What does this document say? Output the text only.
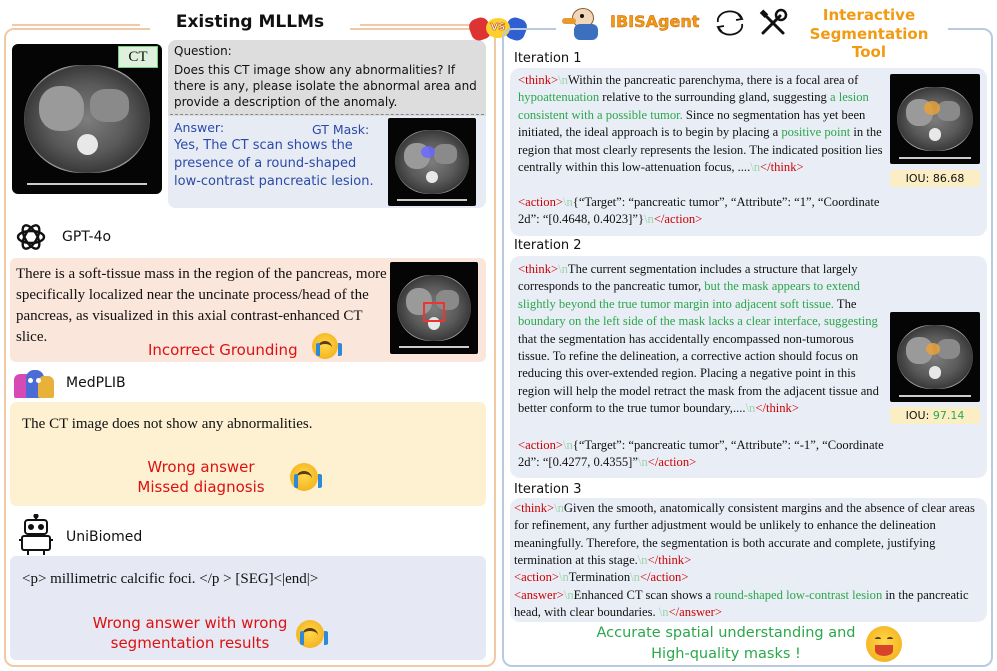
Existing MLLMs
CT	Question:
Does this CT image show any abnormalities? If there is any, please isolate the abnormal area and provide a description of the anomaly.
Answer:	GT Mask:
Yes, The CT scan shows the presence of a round-shaped low-contrast pancreatic lesion.
GPT-4o
There is a soft-tissue mass in the region of the pancreas, more specifically localized near the uncinate process/head of the pancreas, as visualized in this axial contrast-enhanced CT slice.
Incorrect Grounding
MedPLIB
The CT image does not show any abnormalities.
Wrong answer
Missed diagnosis
UniBiomed
<p> millimetric calcific foci. </p > [SEG]<|end|>
Wrong answer with wrong
segmentation results
VS	IBISAgent	Interactive
Segmentation Tool
Iteration 1
<think>\nWithin the pancreatic parenchyma, there is a focal area of hypoattenuation relative to the surrounding gland, suggesting a lesion consistent with a possible tumor. Since no segmentation has yet been initiated, the ideal approach is to begin by placing a positive point in the region that most clearly represents the lesion. The indicated position lies centrally within this low-attenuation focus, ....\n</think>
<action>\n{“Target”: “pancreatic tumor”, “Attribute”: “1”, “Coordinate 2d”: “[0.4648, 0.4023]”}\n</action>
IOU: 86.68
Iteration 2
<think>\nThe current segmentation includes a structure that largely corresponds to the pancreatic tumor, but the mask appears to extend slightly beyond the true tumor margin into adjacent soft tissue. The boundary on the left side of the mask lacks a clear interface, suggesting that the segmentation has accidentally encompassed non-tumorous tissue. To refine the delineation, a corrective action should focus on reducing this over-extended region. Placing a negative point in this region will help the model retract the mask from the adjacent tissue and better conform to the true tumor boundary,....\n</think>
<action>\n{“Target”: “pancreatic tumor”, “Attribute”: “-1”, “Coordinate 2d”: “[0.4277, 0.4355]”\n</action>
IOU: 97.14
Iteration 3
<think>\nGiven the smooth, anatomically consistent margins and the absence of clear areas for refinement, any further adjustment would be unlikely to enhance the delineation meaningfully. Therefore, the segmentation is both accurate and complete, justifying termination at this stage.\n</think>
<action>\nTermination\n</action>
<answer>\nEnhanced CT scan shows a round-shaped low-contrast lesion in the pancreatic head, with clear boundaries. \n</answer>
Accurate spatial understanding and
High-quality masks !
